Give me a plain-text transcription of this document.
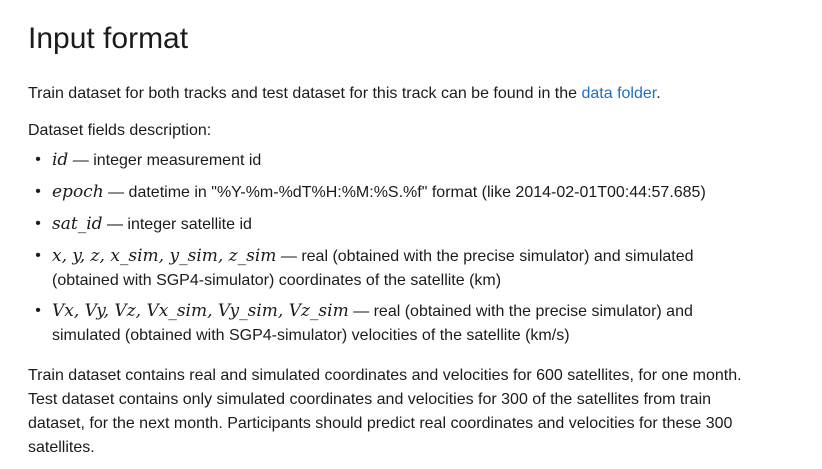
Input format

Train dataset for both tracks and test dataset for this track can be found in the data folder.

Dataset fields description:

• id — integer measurement id
• epoch — datetime in "%Y-%m-%dT%H:%M:%S.%f" format (like 2014-02-01T00:44:57.685)
• sat_id — integer satellite id
• x, y, z, x_sim, y_sim, z_sim — real (obtained with the precise simulator) and simulated
(obtained with SGP4-simulator) coordinates of the satellite (km)
• Vx, Vy, Vz, Vx_sim, Vy_sim, Vz_sim — real (obtained with the precise simulator) and
simulated (obtained with SGP4-simulator) velocities of the satellite (km/s)

Train dataset contains real and simulated coordinates and velocities for 600 satellites, for one month.
Test dataset contains only simulated coordinates and velocities for 300 of the satellites from train
dataset, for the next month. Participants should predict real coordinates and velocities for these 300
satellites.
